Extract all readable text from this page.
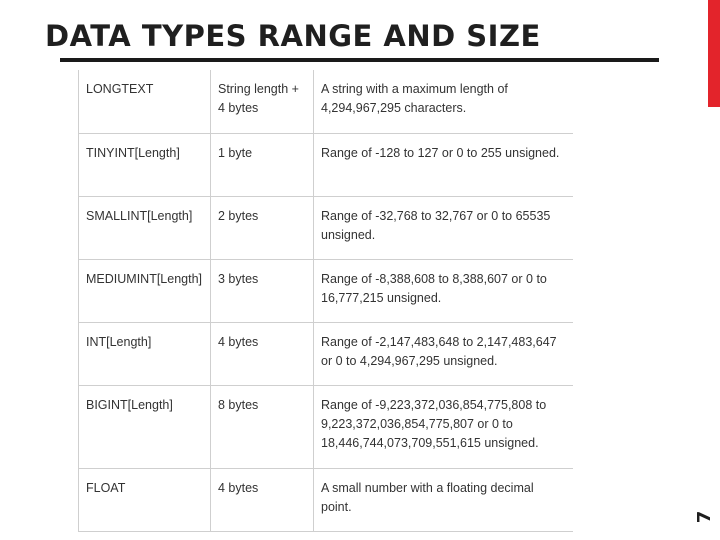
DATA TYPES RANGE AND SIZE
LONGTEXT	String length + 4 bytes	A string with a maximum length of 4,294,967,295 characters.
TINYINT[Length]	1 byte	Range of -128 to 127 or 0 to 255 unsigned.
SMALLINT[Length]	2 bytes	Range of -32,768 to 32,767 or 0 to 65535 unsigned.
MEDIUMINT[Length]	3 bytes	Range of -8,388,608 to 8,388,607 or 0 to 16,777,215 unsigned.
INT[Length]	4 bytes	Range of -2,147,483,648 to 2,147,483,647 or 0 to 4,294,967,295 unsigned.
BIGINT[Length]	8 bytes	Range of -9,223,372,036,854,775,808 to 9,223,372,036,854,775,807 or 0 to 18,446,744,073,709,551,615 unsigned.
FLOAT	4 bytes	A small number with a floating decimal point.
7
